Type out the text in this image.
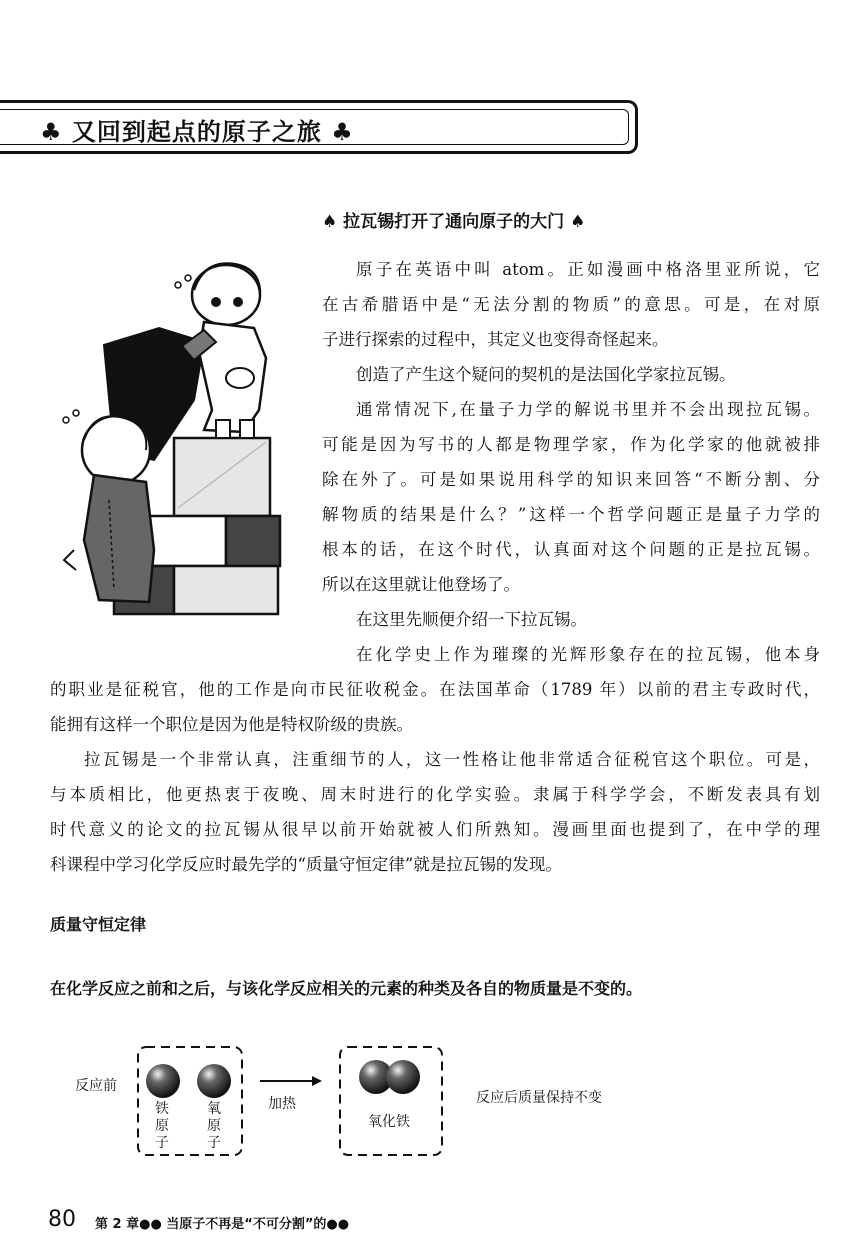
♣ 又回到起点的原子之旅 ♣
♠ 拉瓦锡打开了通向原子的大门 ♠
原子在英语中叫 atom。正如漫画中格洛里亚所说，它
在古希腊语中是“无法分割的物质”的意思。可是，在对原
子进行探索的过程中，其定义也变得奇怪起来。
创造了产生这个疑问的契机的是法国化学家拉瓦锡。
通常情况下,在量子力学的解说书里并不会出现拉瓦锡。
可能是因为写书的人都是物理学家，作为化学家的他就被排
除在外了。可是如果说用科学的知识来回答“不断分割、分
解物质的结果是什么？”这样一个哲学问题正是量子力学的
根本的话，在这个时代，认真面对这个问题的正是拉瓦锡。
所以在这里就让他登场了。
在这里先顺便介绍一下拉瓦锡。
在化学史上作为璀璨的光辉形象存在的拉瓦锡，他本身
的职业是征税官，他的工作是向市民征收税金。在法国革命（1789 年）以前的君主专政时代，
能拥有这样一个职位是因为他是特权阶级的贵族。
拉瓦锡是一个非常认真，注重细节的人，这一性格让他非常适合征税官这个职位。可是，
与本质相比，他更热衷于夜晚、周末时进行的化学实验。隶属于科学学会，不断发表具有划
时代意义的论文的拉瓦锡从很早以前开始就被人们所熟知。漫画里面也提到了，在中学的理
科课程中学习化学反应时最先学的“质量守恒定律”就是拉瓦锡的发现。
质量守恒定律
在化学反应之前和之后，与该化学反应相关的元素的种类及各自的物质量是不变的。
反应前
铁原子
氧原子
加热
氧化铁
反应后质量保持不变
80 第 2 章●● 当原子不再是“不可分割”的●●
